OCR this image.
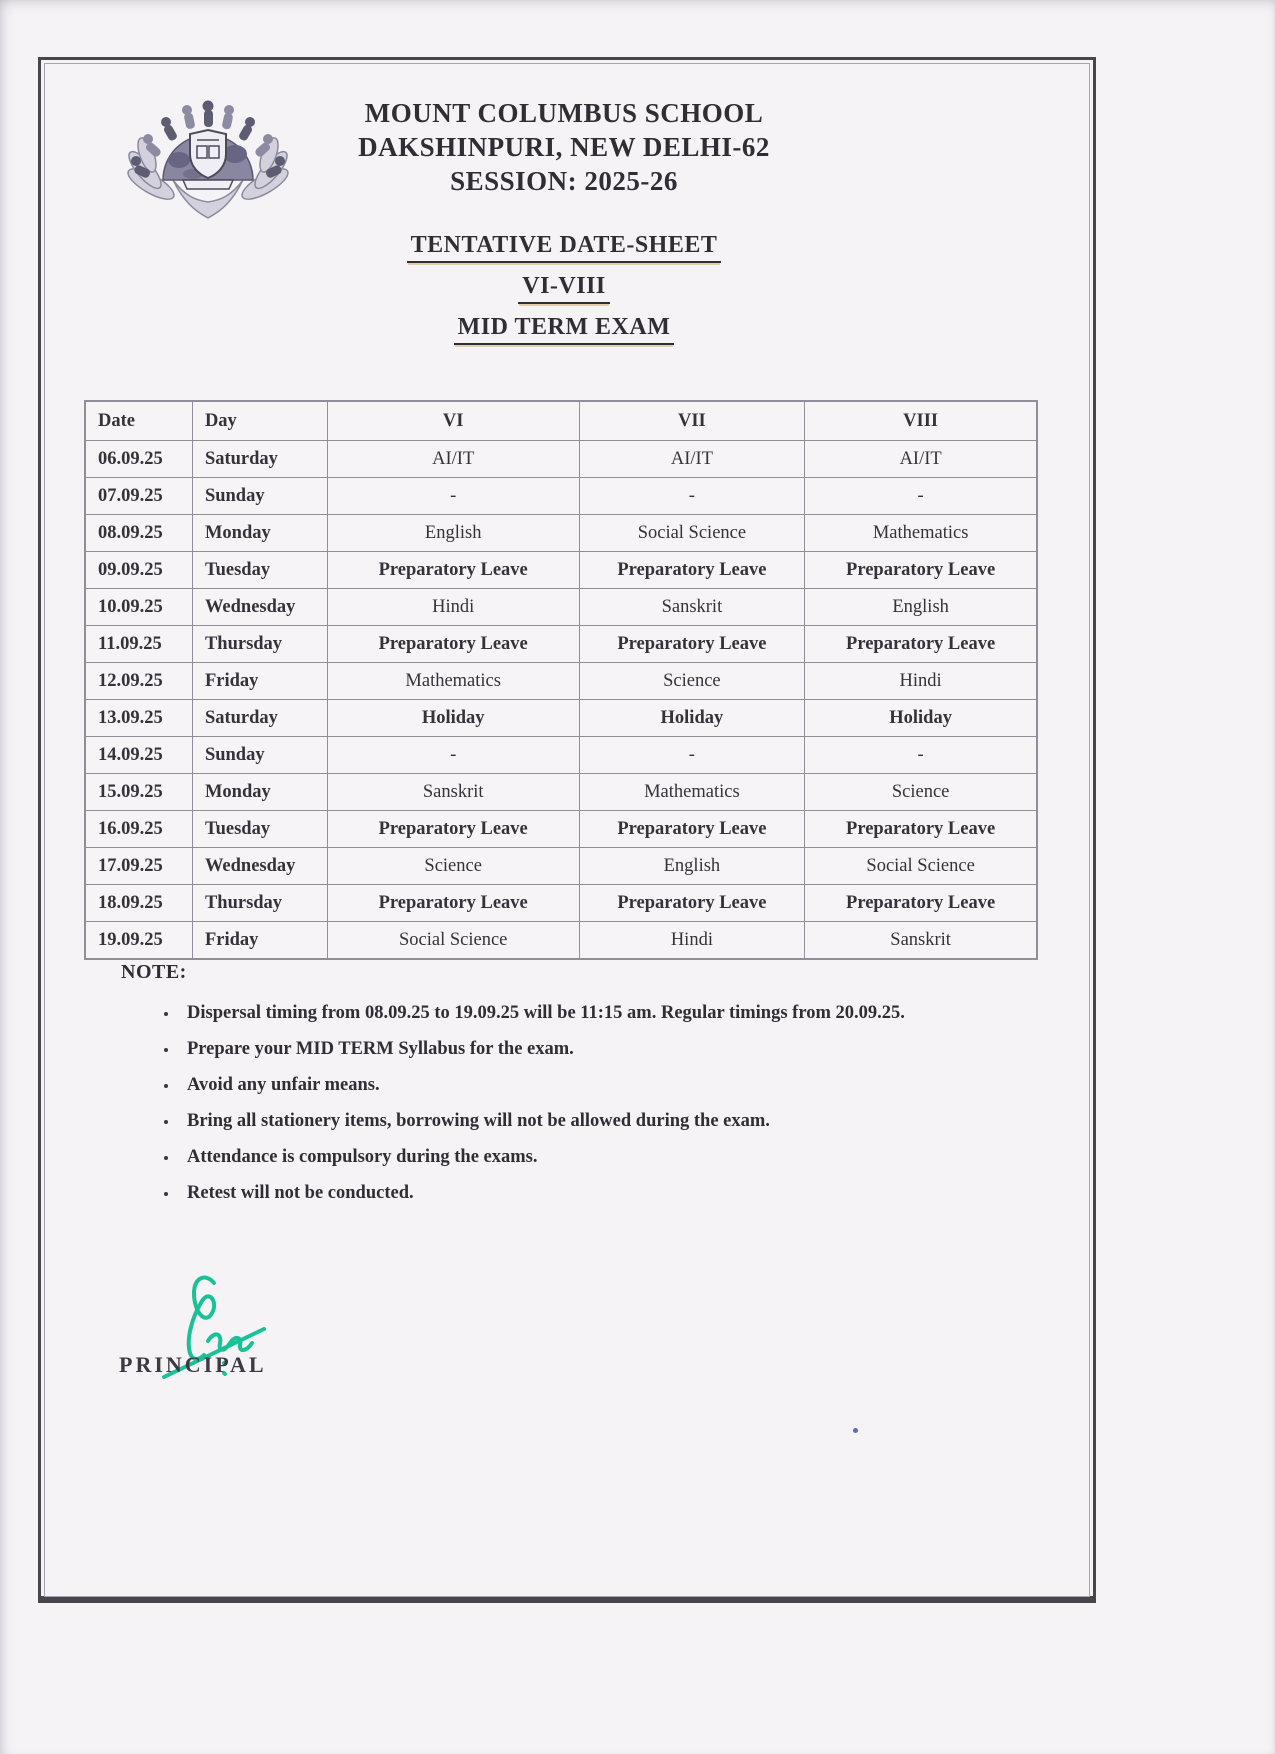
MOUNT COLUMBUS SCHOOL
DAKSHINPURI, NEW DELHI-62
SESSION: 2025-26
TENTATIVE DATE-SHEET
VI-VIII
MID TERM EXAM
Date	Day	VI	VII	VIII
06.09.25	Saturday	AI/IT	AI/IT	AI/IT
07.09.25	Sunday	-	-	-
08.09.25	Monday	English	Social Science	Mathematics
09.09.25	Tuesday	Preparatory Leave	Preparatory Leave	Preparatory Leave
10.09.25	Wednesday	Hindi	Sanskrit	English
11.09.25	Thursday	Preparatory Leave	Preparatory Leave	Preparatory Leave
12.09.25	Friday	Mathematics	Science	Hindi
13.09.25	Saturday	Holiday	Holiday	Holiday
14.09.25	Sunday	-	-	-
15.09.25	Monday	Sanskrit	Mathematics	Science
16.09.25	Tuesday	Preparatory Leave	Preparatory Leave	Preparatory Leave
17.09.25	Wednesday	Science	English	Social Science
18.09.25	Thursday	Preparatory Leave	Preparatory Leave	Preparatory Leave
19.09.25	Friday	Social Science	Hindi	Sanskrit
NOTE:
• Dispersal timing from 08.09.25 to 19.09.25 will be 11:15 am. Regular timings from 20.09.25.
• Prepare your MID TERM Syllabus for the exam.
• Avoid any unfair means.
• Bring all stationery items, borrowing will not be allowed during the exam.
• Attendance is compulsory during the exams.
• Retest will not be conducted.
PRINCIPAL
